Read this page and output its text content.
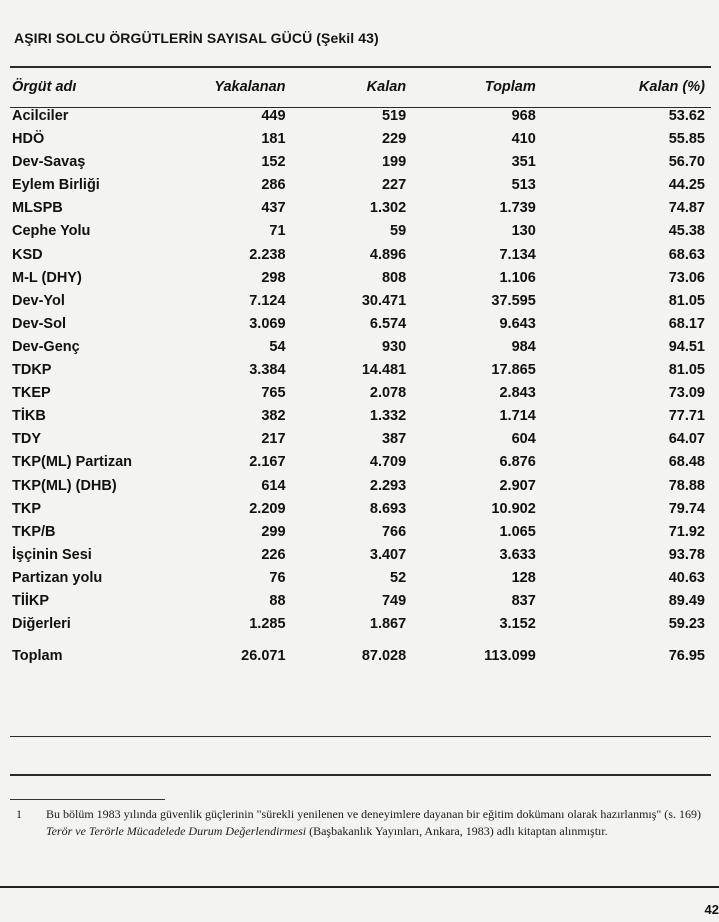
AŞIRI SOLCU ÖRGÜTLERİN SAYISAL GÜCÜ (Şekil 43)
Örgüt adı	Yakalanan	Kalan	Toplam	Kalan (%)
Acilciler	449	519	968	53.62
HDÖ	181	229	410	55.85
Dev-Savaş	152	199	351	56.70
Eylem Birliği	286	227	513	44.25
MLSPB	437	1.302	1.739	74.87
Cephe Yolu	71	59	130	45.38
KSD	2.238	4.896	7.134	68.63
M-L (DHY)	298	808	1.106	73.06
Dev-Yol	7.124	30.471	37.595	81.05
Dev-Sol	3.069	6.574	9.643	68.17
Dev-Genç	54	930	984	94.51
TDKP	3.384	14.481	17.865	81.05
TKEP	765	2.078	2.843	73.09
TİKB	382	1.332	1.714	77.71
TDY	217	387	604	64.07
TKP(ML) Partizan	2.167	4.709	6.876	68.48
TKP(ML) (DHB)	614	2.293	2.907	78.88
TKP	2.209	8.693	10.902	79.74
TKP/B	299	766	1.065	71.92
İşçinin Sesi	226	3.407	3.633	93.78
Partizan yolu	76	52	128	40.63
TİİKP	88	749	837	89.49
Diğerleri	1.285	1.867	3.152	59.23
Toplam	26.071	87.028	113.099	76.95
1 Bu bölüm 1983 yılında güvenlik güçlerinin "sürekli yenilenen ve deneyimlere dayanan bir eğitim dokümanı olarak hazırlanmış" (s. 169) Terör ve Terörle Mücadelede Durum Değerlendirmesi (Başbakanlık Yayınları, Ankara, 1983) adlı kitaptan alınmıştır.
42
